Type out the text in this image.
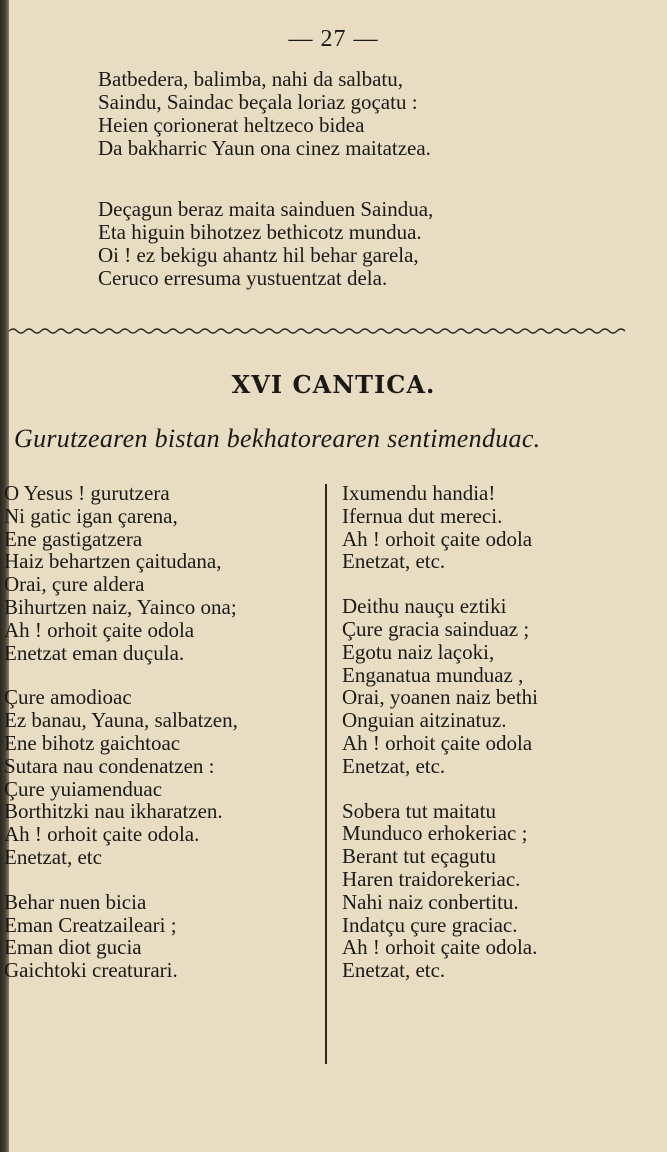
— 27 —
Batbedera, balimba, nahi da salbatu,
Saindu, Saindac beçala loriaz goçatu :
Heien çorionerat heltzeco bidea
Da bakharric Yaun ona cinez maitatzea.
Deçagun beraz maita sainduen Saindua,
Eta higuin bihotzez bethicotz mundua.
Oi ! ez bekigu ahantz hil behar garela,
Ceruco erresuma yustuentzat dela.
XVI CANTICA.
Gurutzearen bistan bekhatorearen sentimenduac.
O Yesus ! gurutzera
Ni gatic igan çarena,
Ene gastigatzera
Haiz behartzen çaitudana,
Orai, çure aldera
Bihurtzen naiz, Yainco ona;
Ah ! orhoit çaite odola
Enetzat eman duçula.
Çure amodioac
Ez banau, Yauna, salbatzen,
Ene bihotz gaichtoac
Sutara nau condenatzen :
Çure yuiamenduac
Borthitzki nau ikharatzen.
Ah ! orhoit çaite odola.
Enetzat, etc
Behar nuen bicia
Eman Creatzaileari ;
Eman diot gucia
Gaichtoki creaturari.
Ixumendu handia!
Ifernua dut mereci.
Ah ! orhoit çaite odola
Enetzat, etc.
Deithu nauçu eztiki
Çure gracia sainduaz ;
Egotu naiz laçoki,
Enganatua munduaz ,
Orai, yoanen naiz bethi
Onguian aitzinatuz.
Ah ! orhoit çaite odola
Enetzat, etc.
Sobera tut maitatu
Munduco erhokeriac ;
Berant tut eçagutu
Haren traidorekeriac.
Nahi naiz conbertitu.
Indatçu çure graciac.
Ah ! orhoit çaite odola.
Enetzat, etc.
